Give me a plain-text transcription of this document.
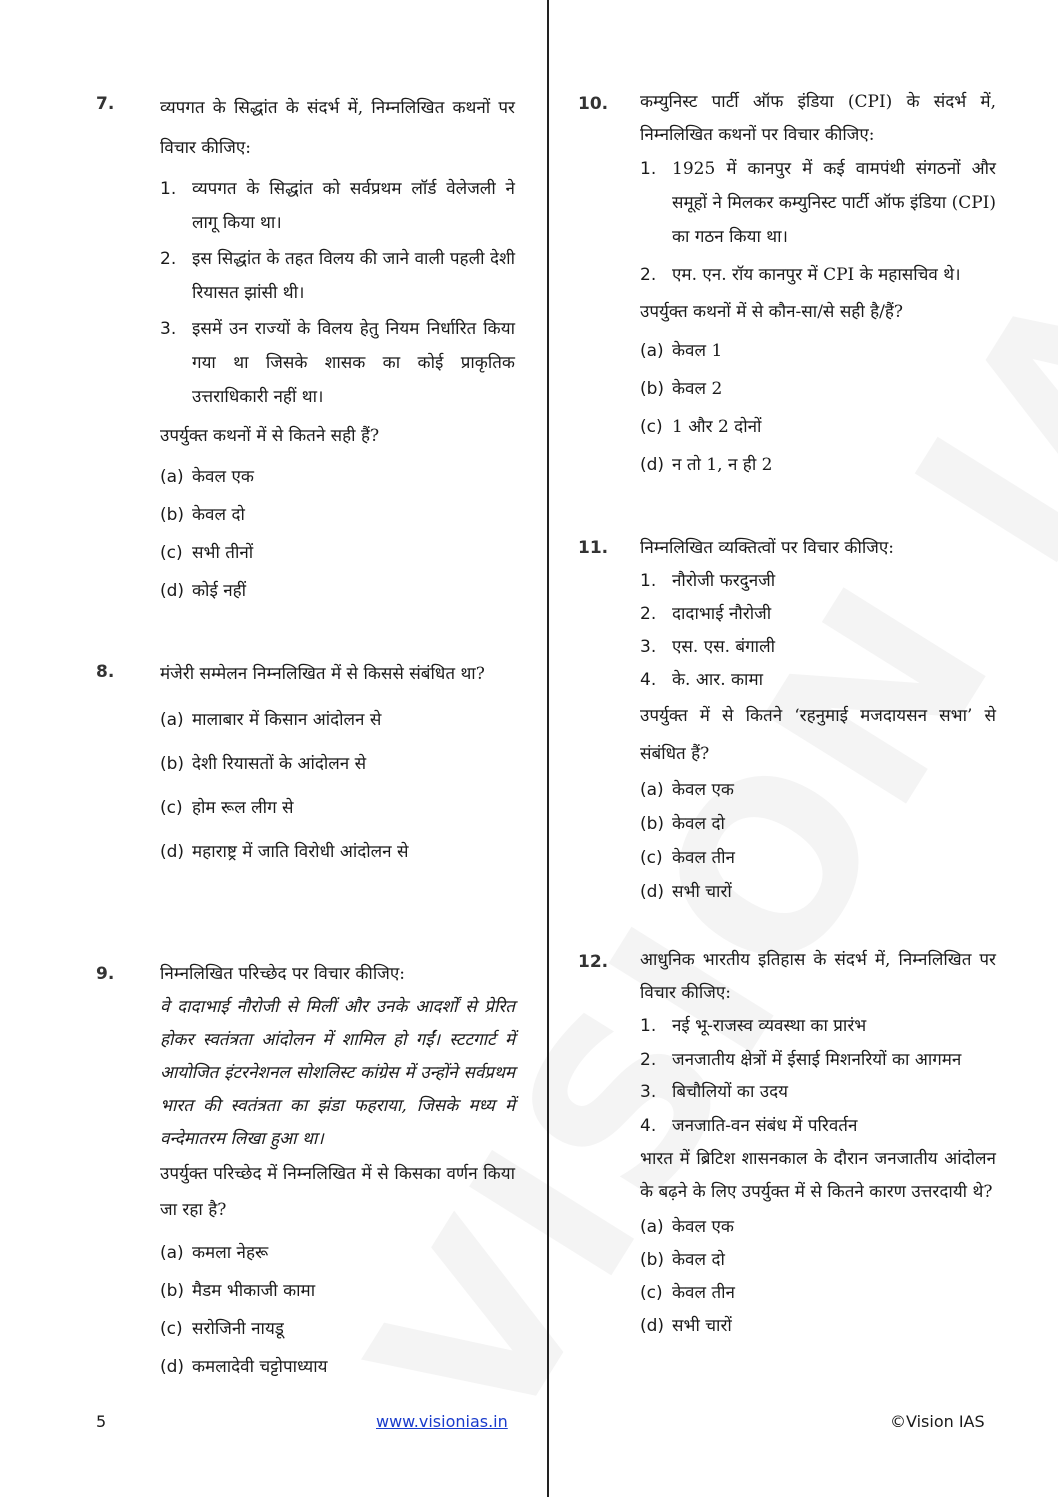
7.	व्यपगत के सिद्धांत के संदर्भ में, निम्नलिखित कथनों पर विचार कीजिए:

1. व्यपगत के सिद्धांत को सर्वप्रथम लॉर्ड वेलेजली ने लागू किया था।
2. इस सिद्धांत के तहत विलय की जाने वाली पहली देशी रियासत झांसी थी।
3. इसमें उन राज्यों के विलय हेतु नियम निर्धारित किया गया था जिसके शासक का कोई प्राकृतिक उत्तराधिकारी नहीं था।

उपर्युक्त कथनों में से कितने सही हैं?

(a) केवल एक
(b) केवल दो
(c) सभी तीनों
(d) कोई नहीं
8.	मंजेरी सम्मेलन निम्नलिखित में से किससे संबंधित था?

(a) मालाबार में किसान आंदोलन से
(b) देशी रियासतों के आंदोलन से
(c) होम रूल लीग से
(d) महाराष्ट्र में जाति विरोधी आंदोलन से
9.	निम्नलिखित परिच्छेद पर विचार कीजिए:

वे दादाभाई नौरोजी से मिलीं और उनके आदर्शों से प्रेरित होकर स्वतंत्रता आंदोलन में शामिल हो गईं। स्टटगार्ट में आयोजित इंटरनेशनल सोशलिस्ट कांग्रेस में उन्होंने सर्वप्रथम भारत की स्वतंत्रता का झंडा फहराया, जिसके मध्य में वन्देमातरम लिखा हुआ था।

उपर्युक्त परिच्छेद में निम्नलिखित में से किसका वर्णन किया जा रहा है?

(a) कमला नेहरू
(b) मैडम भीकाजी कामा
(c) सरोजिनी नायडू
(d) कमलादेवी चट्टोपाध्याय
10. कम्युनिस्ट पार्टी ऑफ इंडिया (CPI) के संदर्भ में, निम्नलिखित कथनों पर विचार कीजिए:

1. 1925 में कानपुर में कई वामपंथी संगठनों और समूहों ने मिलकर कम्युनिस्ट पार्टी ऑफ इंडिया (CPI) का गठन किया था।
2. एम. एन. रॉय कानपुर में CPI के महासचिव थे।

उपर्युक्त कथनों में से कौन-सा/से सही है/हैं?

(a) केवल 1
(b) केवल 2
(c) 1 और 2 दोनों
(d) न तो 1, न ही 2
11. निम्नलिखित व्यक्तित्वों पर विचार कीजिए:

1. नौरोजी फरदुनजी
2. दादाभाई नौरोजी
3. एस. एस. बंगाली
4. के. आर. कामा

उपर्युक्त में से कितने ‘रहनुमाई मजदायसन सभा’ से संबंधित हैं?

(a) केवल एक
(b) केवल दो
(c) केवल तीन
(d) सभी चारों
12. आधुनिक भारतीय इतिहास के संदर्भ में, निम्नलिखित पर विचार कीजिए:

1. नई भू-राजस्व व्यवस्था का प्रारंभ
2. जनजातीय क्षेत्रों में ईसाई मिशनरियों का आगमन
3. बिचौलियों का उदय
4. जनजाति-वन संबंध में परिवर्तन

भारत में ब्रिटिश शासनकाल के दौरान जनजातीय आंदोलन के बढ़ने के लिए उपर्युक्त में से कितने कारण उत्तरदायी थे?

(a) केवल एक
(b) केवल दो
(c) केवल तीन
(d) सभी चारों
5	www.visionias.in	©Vision IAS
